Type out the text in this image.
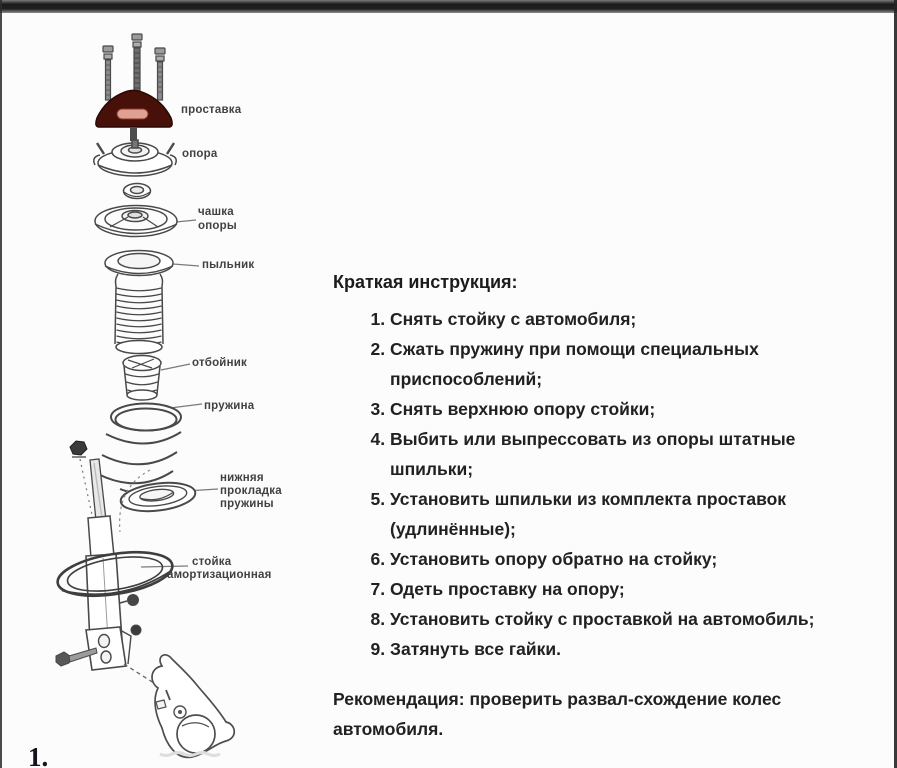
проставка
опора
чашка
опоры
пыльник
отбойник
пружина
нижняя
прокладка
пружины
стойка
амортизационная
Краткая инструкция:
1. Снять стойку с автомобиля;
2. Сжать пружину при помощи специальных
приспособлений;
3. Снять верхнюю опору стойки;
4. Выбить или выпрессовать из опоры штатные
шпильки;
5. Установить шпильки из комплекта проставок
(удлинённые);
6. Установить опору обратно на стойку;
7. Одеть проставку на опору;
8. Установить стойку с проставкой на автомобиль;
9. Затянуть все гайки.
Рекомендация: проверить развал-схождение колес
автомобиля.
1.
